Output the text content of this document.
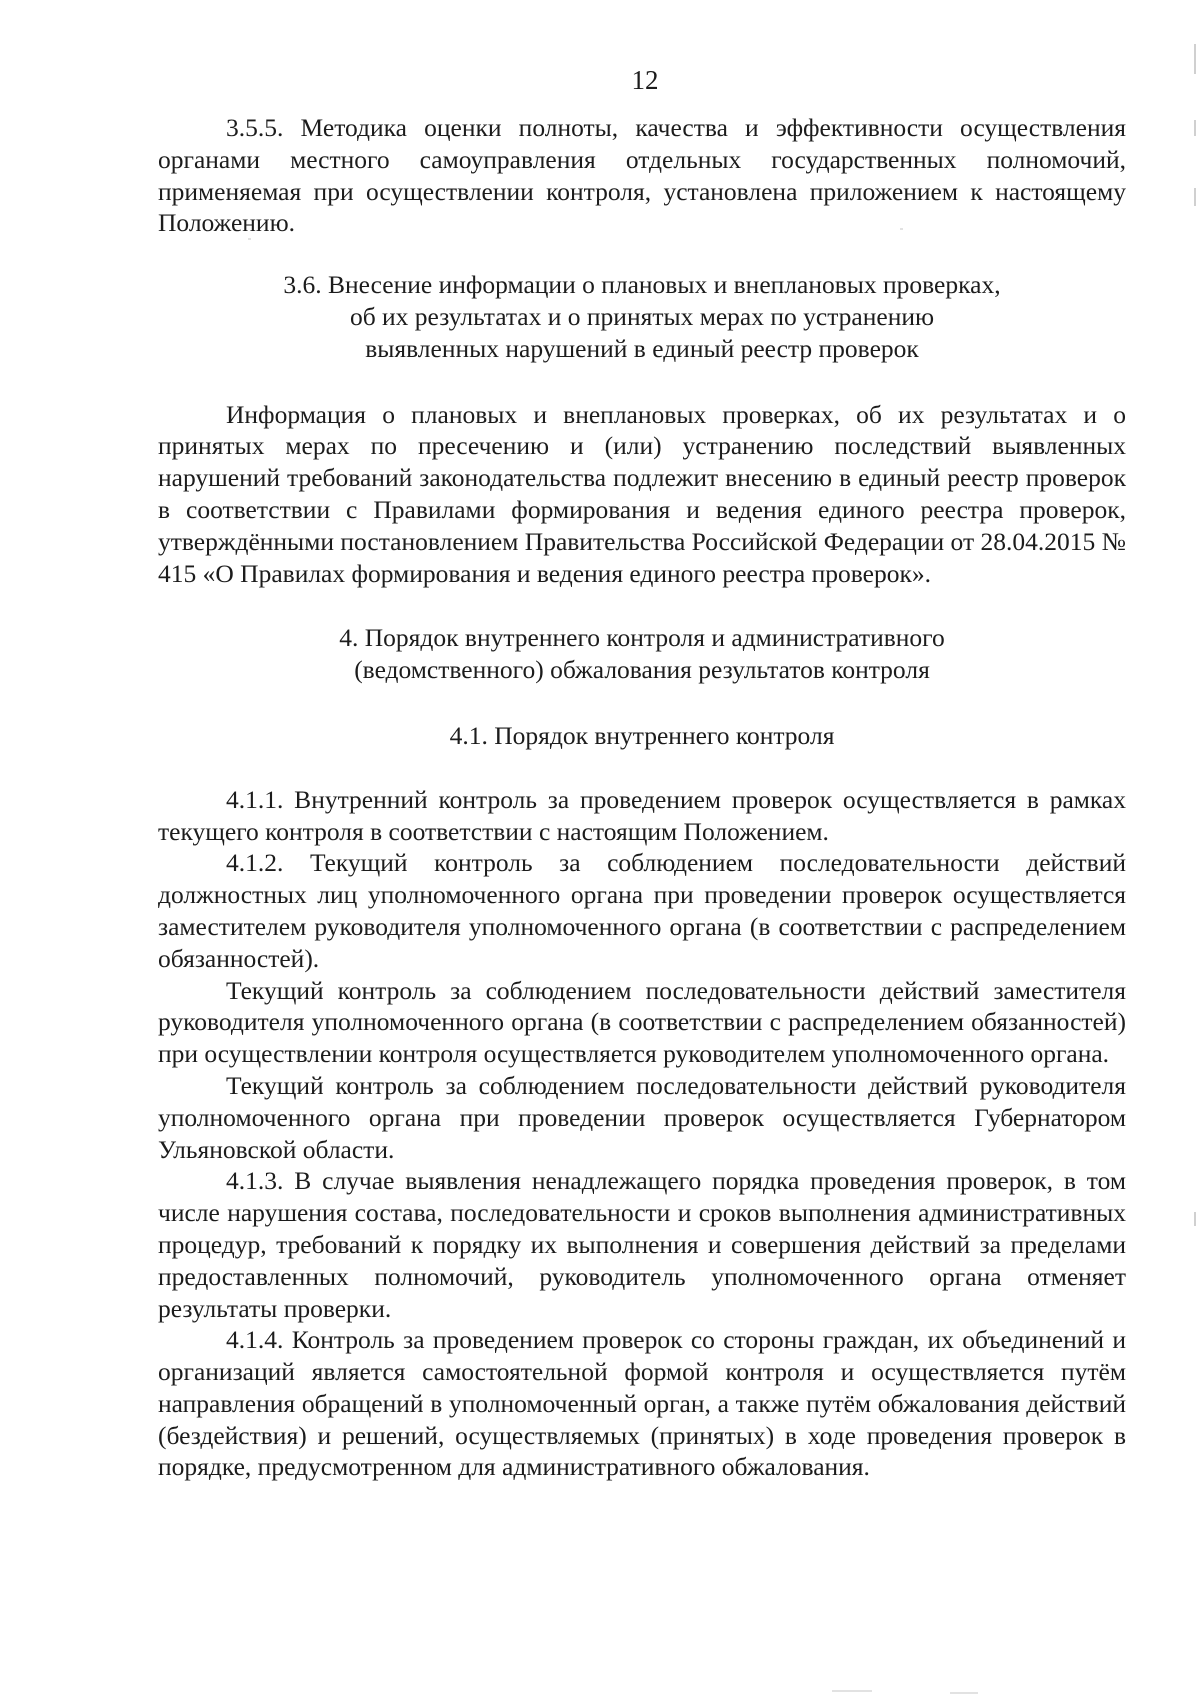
12

3.5.5. Методика оценки полноты, качества и эффективности осуществления органами местного самоуправления отдельных государственных полномочий, применяемая при осуществлении контроля, установлена приложением к настоящему Положению.

3.6. Внесение информации о плановых и внеплановых проверках,
об их результатах и о принятых мерах по устранению
выявленных нарушений в единый реестр проверок

Информация о плановых и внеплановых проверках, об их результатах и о принятых мерах по пресечению и (или) устранению последствий выявленных нарушений требований законодательства подлежит внесению в единый реестр проверок в соответствии с Правилами формирования и ведения единого реестра проверок, утверждёнными постановлением Правительства Российской Федерации от 28.04.2015 № 415 «О Правилах формирования и ведения единого реестра проверок».

4. Порядок внутреннего контроля и административного
(ведомственного) обжалования результатов контроля
4.1. Порядок внутреннего контроля

4.1.1. Внутренний контроль за проведением проверок осуществляется в рамках текущего контроля в соответствии с настоящим Положением.

4.1.2. Текущий контроль за соблюдением последовательности действий должностных лиц уполномоченного органа при проведении проверок осуществляется заместителем руководителя уполномоченного органа (в соответствии с распределением обязанностей).

Текущий контроль за соблюдением последовательности действий заместителя руководителя уполномоченного органа (в соответствии с распределением обязанностей) при осуществлении контроля осуществляется руководителем уполномоченного органа.

Текущий контроль за соблюдением последовательности действий руководителя уполномоченного органа при проведении проверок осуществляется Губернатором Ульяновской области.

4.1.3. В случае выявления ненадлежащего порядка проведения проверок, в том числе нарушения состава, последовательности и сроков выполнения административных процедур, требований к порядку их выполнения и совершения действий за пределами предоставленных полномочий, руководитель уполномоченного органа отменяет результаты проверки.

4.1.4. Контроль за проведением проверок со стороны граждан, их объединений и организаций является самостоятельной формой контроля и осуществляется путём направления обращений в уполномоченный орган, а также путём обжалования действий (бездействия) и решений, осуществляемых (принятых) в ходе проведения проверок в порядке, предусмотренном для административного обжалования.
